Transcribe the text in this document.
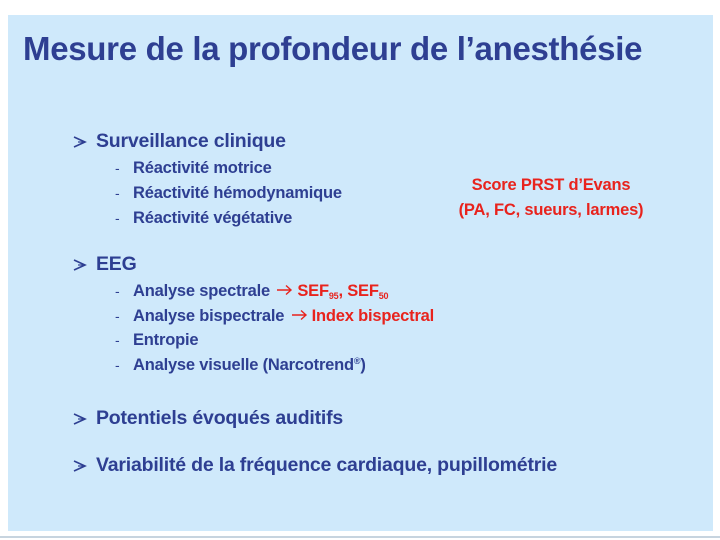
Mesure de la profondeur de l’anesthésie
Surveillance clinique
- Réactivité motrice
- Réactivité hémodynamique
- Réactivité végétative
Score PRST d’Evans
(PA, FC, sueurs, larmes)
EEG
- Analyse spectrale $SEF_{95}$, $SEF_{50}$
- Analyse bispectrale Index bispectral
- Entropie
- Analyse visuelle (Narcotrend®)
Potentiels évoqués auditifs
Variabilité de la fréquence cardiaque, pupillométrie
